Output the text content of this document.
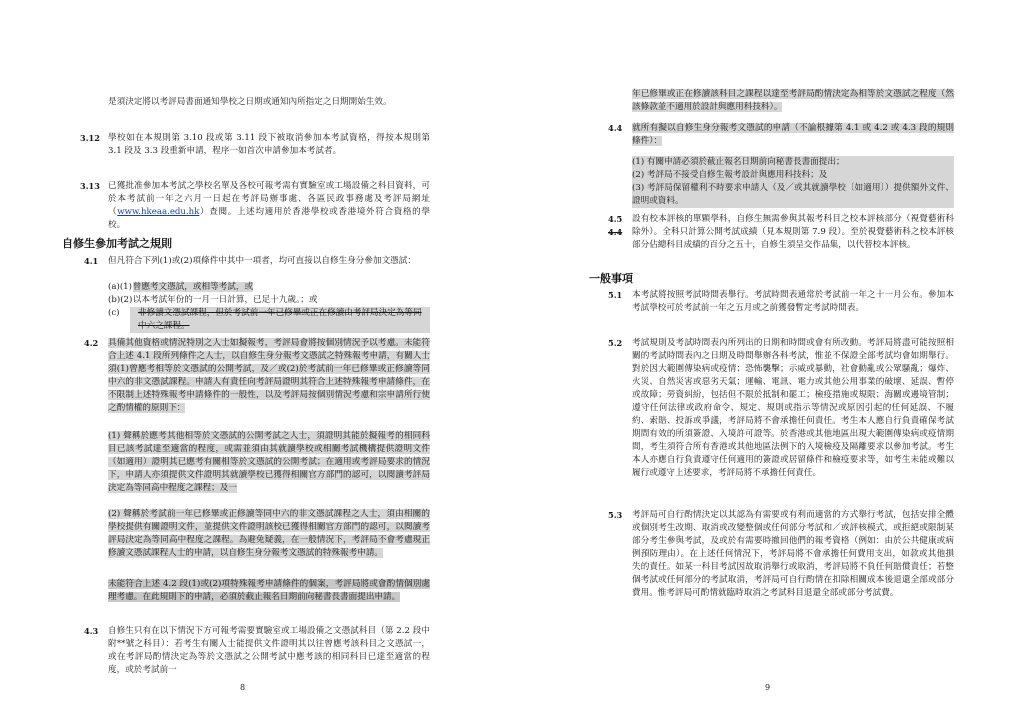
是須決定將以考評局書面通知學校之日期或通知內所指定之日期開始生效。
3.12 學校如在本規則第 3.10 段或第 3.11 段下被取消參加本考試資格，得按本規則第 3.1 段及 3.3 段重新申請，程序一如首次申請參加本考試者。
3.13 已獲批准參加本考試之學校名單及各校可報考需有實驗室或工場設備之科目資料，可於本考試前一年之六月一日起在考評局辦事處、各區民政事務處及考評局網址（www.hkeaa.edu.hk）查閱。上述均適用於香港學校或香港境外符合資格的學校。
自修生參加考試之規則
4.1 但凡符合下列(1)或(2)項條件中其中一項者，均可直接以自修生身分參加文憑試：
(a)(1) 曾應考文憑試，或相等考試，或
(b)(2) 以本考試年份的一月一日計算，已足十九歲。；或
(c)	非修讀文憑試課程，但於考試前一年已修畢或正在修讀由考評局決定為等同中六之課程。
4.2 具備其他資格或情況特別之人士如擬報考，考評局會將按個別情況予以考慮。未能符合上述 4.1 段所列條件之人士，以自修生身分報考文憑試之特殊報考申請，有關人士須(1)曾應考相等於文憑試的公開考試，及／或(2)於考試前一年已修畢或正修讀等同中六的非文憑試課程。申請人有責任向考評局證明其符合上述特殊報考申請條件，在不限制上述特殊報考申請條件的一般性，以及考評局按個別情況考慮和宗申請所行使之酌情權的原則下：
(1) 聲稱於應考其他相等於文憑試的公開考試之人士，須證明其能於擬報考的相同科目已該考試達至適當的程度，或需並須由其就讀學校或相關考試機構提供證明文件（如適用）證明其已應考有關相等於文憑試的公開考試；在適用或考評局要求的情況下，申請人亦須提供文件證明其就讀學校已獲得相關官方部門的認可，以閱讀考評局決定為等同高中程度之課程；及一
(2) 聲稱於考試前一年已修畢或正修讀等同中六的非文憑試課程之人士，須由相關的學校提供有關證明文件，並提供文件證明該校已獲得相關官方部門的認可，以閱讀考評局決定為等同高中程度之課程。為避免疑義，在一般情況下，考評局不會考慮現正修讀文憑試課程人士的申請，以自修生身分報考文憑試的特殊報考申請。
未能符合上述 4.2 段(1)或(2)項特殊報考申請條件的個案，考評局將或會酌情個別處理考慮。在此規則下的申請，必須於截止報名日期前向秘書長書面提出申請。
4.3 自修生只有在以下情況下方可報考需要實驗室或工場設備之文憑試科目（第 2.2 段中附**號之科目）：若考生有關人士能提供文件證明其以往曾應考該科目之文憑試一，或在考評局酌情決定為等於文憑試之公開考試中應考該的相同科目已達至適當的程度，或於考試前一
8
年已修畢或正在修讀該科目之課程以達至考評局酌情決定為相等於文憑試之程度（然該條款並不適用於設計與應用科技科）。
4.4 就所有擬以自修生身分報考文憑試的申請（不論根據第 4.1 或 4.2 或 4.3 段的規則條件）：
(1) 有關申請必須於截止報名日期前向秘書長書面提出；
(2) 考評局不接受自修生報考設計與應用科技科；及
(3) 考評局保留權利不時要求申請人（及／或其就讀學校〔如適用〕）提供額外文件、證明或資料。
4.5
4.4
設有校本評核的單顆學科，自修生無需參與其報考科目之校本評核部分（視覺藝術科除外）。全科只計算公開考試成績（見本規則第 7.9 段）。至於視覺藝術科之校本評核部分佔總科目成績的百分之五十，自修生須呈交作品集，以代替校本評核。
一般事項
5.1 本考試將按照考試時間表舉行。考試時間表通常於考試前一年之十一月公布。參加本考試學校可於考試前一年之五月或之前獲發暫定考試時間表。
5.2 考試規則及考試時間表內所列出的日期和時間或會有所改動。考評局將盡可能按照相關的考試時間表內之日期及時間舉辦各科考試，惟並不保證全部考試均會如期舉行。對於因大範圍傳染病或疫情；恐怖襲擊；示威或暴動，社會動亂或公眾騷亂；爆炸、火災、自然災害或惡劣天氣；運輸、電訊、電力或其他公用事業的破壞、延誤、暫停或故障；勞資糾紛，包括但不限於抵制和罷工；檢疫措施或規限；海關或邊境管制；遵守任何法律或政府命令、規定、規則或指示等情況或原因引起的任何延誤、不履約、索賠、投訴或爭議，考評局將不會承擔任何責任。考生本人應自行負責確保考試期間有效的所須簽證、入境許可證等。於香港或其他地區出現大範圍傳染病或疫情期間，考生須符合所有香港或其他地區法例下的入境檢疫及隔離要求以參加考試。考生本人亦應自行負責遵守任何適用的簽證或居留條件和檢疫要求等，如考生未能或難以履行或遵守上述要求，考評局將不承擔任何責任。
5.3 考評局可自行酌情決定以其認為有需要或有利而適當的方式舉行考試，包括安排全體或個別考生改期、取消或改變整個或任何部分考試和／或評核模式，或拒絕或限制某部分考生參與考試，及或於有需要時撤回他們的報考資格（例如：由於公共健康或病例預防理由）。在上述任何情況下，考評局將不會承擔任何費用支出，如款或其他損失的責任。如某一科目考試因故取消舉行或取消，考評局將不負任何賠償責任；若整個考試或任何部分的考試取消，考評局可自行酌情在扣除相關成本後退還全部或部分費用。惟考評局可酌情就臨時取消之考試科目退還全部或部分考試費。
9
